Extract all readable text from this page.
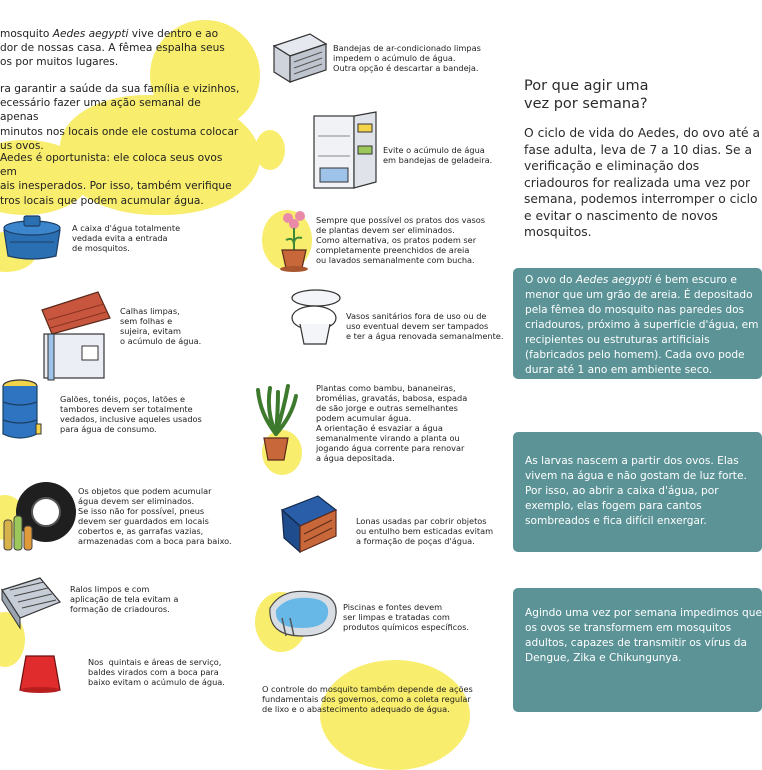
mosquito Aedes aegypti vive dentro e ao
dor de nossas casa. A fêmea espalha seus
os por muitos lugares.
ra garantir a saúde da sua família e vizinhos,
ecessário fazer uma ação semanal de apenas
minutos nos locais onde ele costuma colocar
us ovos.
Aedes é oportunista: ele coloca seus ovos em
ais inesperados. Por isso, também verifique
tros locais que podem acumular água.
A caixa d'água totalmente
vedada evita a entrada
de mosquitos.
Calhas limpas,
sem folhas e
sujeira, evitam
o acúmulo de água.
Galões, tonéis, poços, latões e
tambores devem ser totalmente
vedados, inclusive aqueles usados
para água de consumo.
Os objetos que podem acumular
água devem ser eliminados.
Se isso não for possível, pneus
devem ser guardados em locais
cobertos e, as garrafas vazias,
armazenadas com a boca para baixo.
Ralos limpos e com
aplicação de tela evitam a
formação de criadouros.
Nos  quintais e áreas de serviço,
baldes virados com a boca para
baixo evitam o acúmulo de água.
Bandejas de ar-condicionado limpas
impedem o acúmulo de água.
Outra opção é descartar a bandeja.
Evite o acúmulo de água
em bandejas de geladeira.
Sempre que possível os pratos dos vasos
de plantas devem ser eliminados.
Como alternativa, os pratos podem ser
completamente preenchidos de areia
ou lavados semanalmente com bucha.
Vasos sanitários fora de uso ou de
uso eventual devem ser tampados
e ter a água renovada semanalmente.
Plantas como bambu, bananeiras,
bromélias, gravatás, babosa, espada
de são jorge e outras semelhantes
podem acumular água.
A orientação é esvaziar a água
semanalmente virando a planta ou
jogando água corrente para renovar
a água depositada.
Lonas usadas par cobrir objetos
ou entulho bem esticadas evitam
a formação de poças d'água.
Piscinas e fontes devem
ser limpas e tratadas com
produtos químicos específicos.
O controle do mosquito também depende de ações
fundamentais dos governos, como a coleta regular
de lixo e o abastecimento adequado de água.
Por que agir uma
vez por semana?
O ciclo de vida do Aedes, do ovo até a fase adulta, leva de 7 a 10 dias. Se a verificação e eliminação dos criadouros for realizada uma vez por semana, podemos interromper o ciclo e evitar o nascimento de novos mosquitos.
O ovo do Aedes aegypti é bem escuro e menor que um grão de areia. É depositado pela fêmea do mosquito nas paredes dos criadouros, próximo à superfície d'água, em recipientes ou estruturas artificiais (fabricados pelo homem). Cada ovo pode durar até 1 ano em ambiente seco.
As larvas nascem a partir dos ovos. Elas vivem na água e não gostam de luz forte. Por isso, ao abrir a caixa d'água, por exemplo, elas fogem para cantos sombreados e fica difícil enxergar.
Agindo uma vez por semana impedimos que os ovos se transformem em mosquitos adultos, capazes de transmitir os vírus da Dengue, Zika e Chikungunya.
